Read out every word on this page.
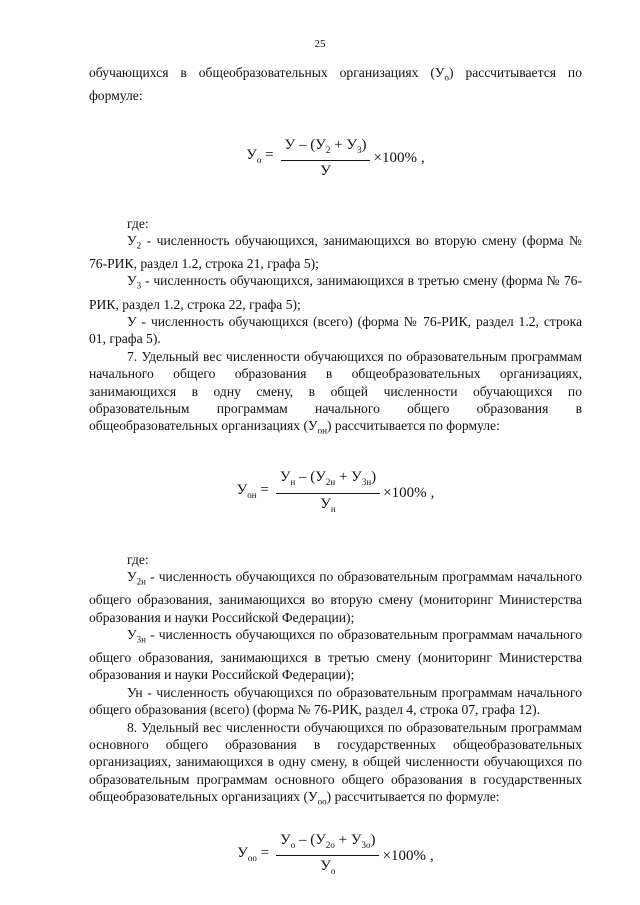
25

обучающихся в общеобразовательных организациях $(У_о)$ рассчитывается по формуле:

$У_о = \frac{У - (У_2 + У_3)}{У} \times 100\%$ ,

где:

$У_2$ - численность обучающихся, занимающихся во вторую смену (форма № 76-РИК, раздел 1.2, строка 21, графа 5);

$У_3$ - численность обучающихся, занимающихся в третью смену (форма № 76-РИК, раздел 1.2, строка 22, графа 5);

У - численность обучающихся (всего) (форма № 76-РИК, раздел 1.2, строка 01, графа 5).

7. Удельный вес численности обучающихся по образовательным программам начального общего образования в общеобразовательных организациях, занимающихся в одну смену, в общей численности обучающихся по образовательным программам начального общего образования в общеобразовательных организациях $(У_{он})$ рассчитывается по формуле:

$У_{он} = \frac{У_н - (У_{2н} + У_{3н})}{У_н} \times 100\%$ ,

где:

$У_{2н}$ - численность обучающихся по образовательным программам начального общего образования, занимающихся во вторую смену (мониторинг Министерства образования и науки Российской Федерации);

$У_{3н}$ - численность обучающихся по образовательным программам начального общего образования, занимающихся в третью смену (мониторинг Министерства образования и науки Российской Федерации);

Ун - численность обучающихся по образовательным программам начального общего образования (всего) (форма № 76-РИК, раздел 4, строка 07, графа 12).

8. Удельный вес численности обучающихся по образовательным программам основного общего образования в государственных общеобразовательных организациях, занимающихся в одну смену, в общей численности обучающихся по образовательным программам основного общего образования в государственных общеобразовательных организациях $(У_{оо})$ рассчитывается по формуле:

$У_{оо} = \frac{У_о - (У_{2о} + У_{3о})}{У_о} \times 100\%$ ,
